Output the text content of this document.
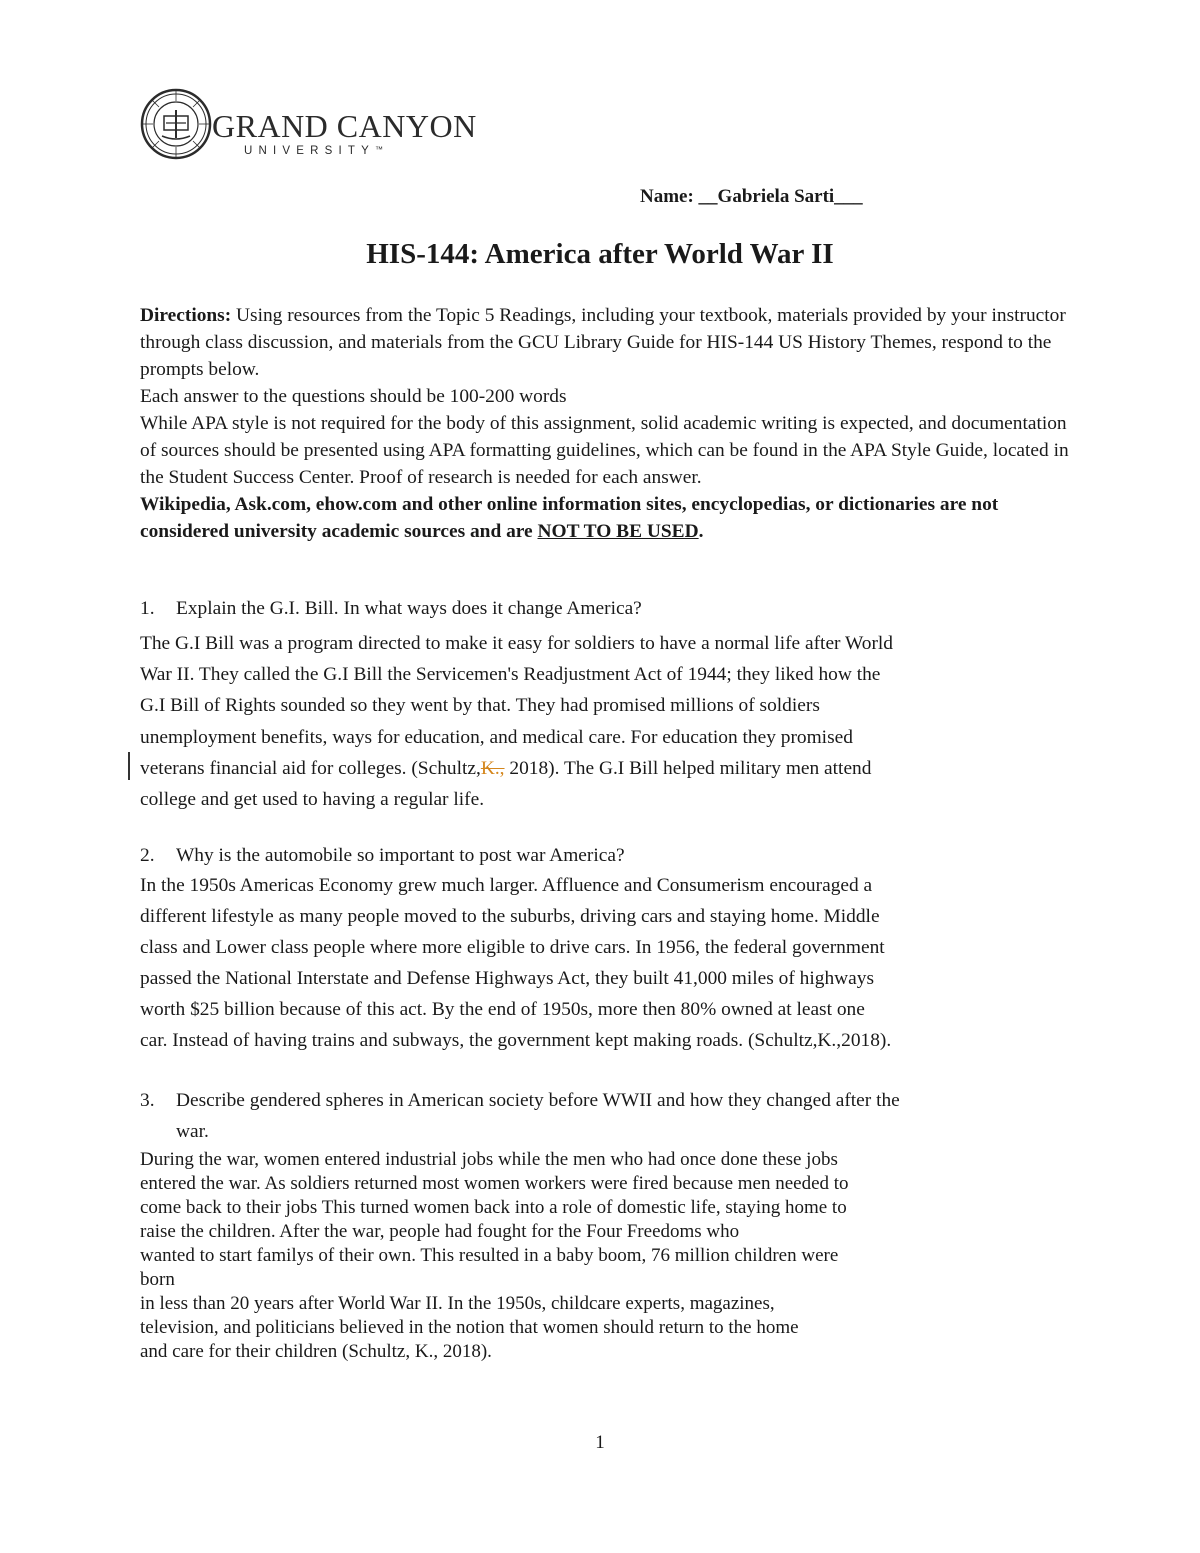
GRAND CANYON
UNIVERSITY™
Name: __Gabriela Sarti___
HIS-144: America after World War II

Directions: Using resources from the Topic 5 Readings, including your textbook, materials provided by your instructor through class discussion, and materials from the GCU Library Guide for HIS-144 US History Themes, respond to the prompts below.

Each answer to the questions should be 100-200 words

While APA style is not required for the body of this assignment, solid academic writing is expected, and documentation of sources should be presented using APA formatting guidelines, which can be found in the APA Style Guide, located in the Student Success Center. Proof of research is needed for each answer.

Wikipedia, Ask.com, ehow.com and other online information sites, encyclopedias, or dictionaries are not considered university academic sources and are NOT TO BE USED.

1. Explain the G.I. Bill. In what ways does it change America?

The G.I Bill was a program directed to make it easy for soldiers to have a normal life after World

War II. They called the G.I Bill the Servicemen's Readjustment Act of 1944; they liked how the

G.I Bill of Rights sounded so they went by that. They had promised millions of soldiers

unemployment benefits, ways for education, and medical care. For education they promised

veterans financial aid for colleges. (Schultz,K., 2018). The G.I Bill helped military men attend

college and get used to having a regular life.

2. Why is the automobile so important to post war America?

In the 1950s Americas Economy grew much larger. Affluence and Consumerism encouraged a

different lifestyle as many people moved to the suburbs, driving cars and staying home. Middle

class and Lower class people where more eligible to drive cars. In 1956, the federal government

passed the National Interstate and Defense Highways Act, they built 41,000 miles of highways

worth $25 billion because of this act. By the end of 1950s, more then 80% owned at least one

car. Instead of having trains and subways, the government kept making roads. (Schultz,K.,2018).

3. Describe gendered spheres in American society before WWII and how they changed after the
war.

During the war, women entered industrial jobs while the men who had once done these jobs

entered the war. As soldiers returned most women workers were fired because men needed to

come back to their jobs This turned women back into a role of domestic life, staying home to

raise the children. After the war, people had fought for the Four Freedoms who

wanted to start familys of their own. This resulted in a baby boom, 76 million children were

born

in less than 20 years after World War II. In the 1950s, childcare experts, magazines,

television, and politicians believed in the notion that women should return to the home

and care for their children (Schultz, K., 2018).

1
